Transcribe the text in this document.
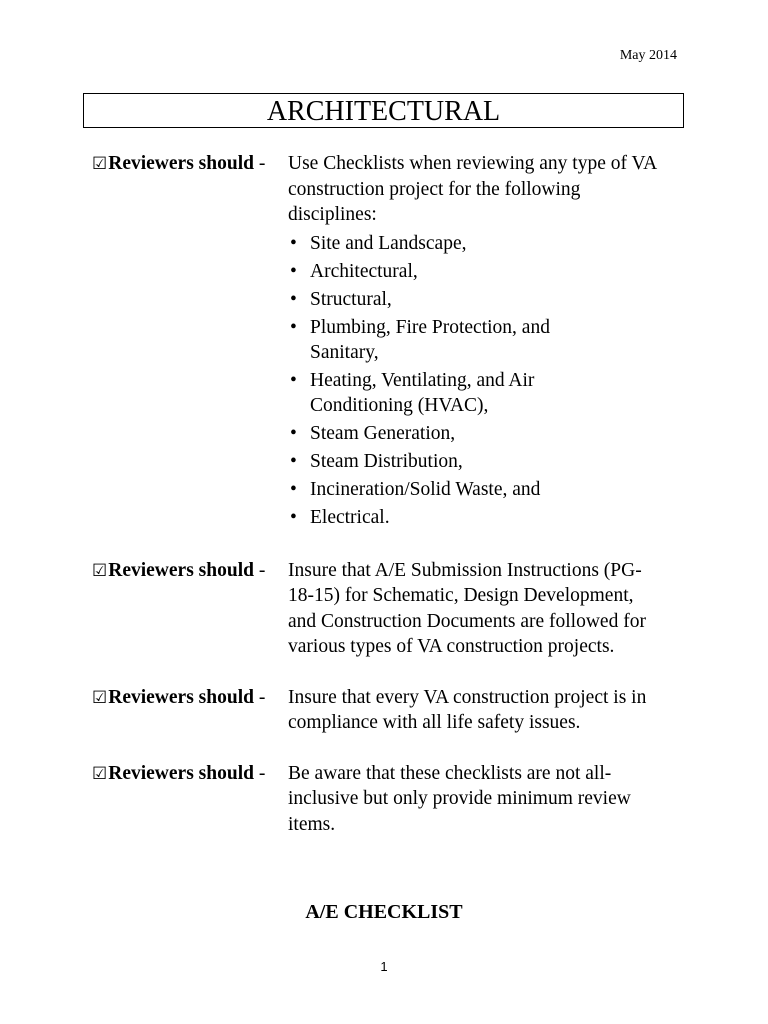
May 2014
ARCHITECTURAL
☑Reviewers should -	Use Checklists when reviewing any type of VA construction project for the following disciplines:
• Site and Landscape,
• Architectural,
• Structural,
• Plumbing, Fire Protection, and Sanitary,
• Heating, Ventilating, and Air Conditioning (HVAC),
• Steam Generation,
• Steam Distribution,
• Incineration/Solid Waste, and
• Electrical.
☑Reviewers should -	Insure that A/E Submission Instructions (PG-18-15) for Schematic, Design Development, and Construction Documents are followed for various types of VA construction projects.
☑Reviewers should -	Insure that every VA construction project is in compliance with all life safety issues.
☑Reviewers should -	Be aware that these checklists are not all-inclusive but only provide minimum review items.
A/E CHECKLIST
1
